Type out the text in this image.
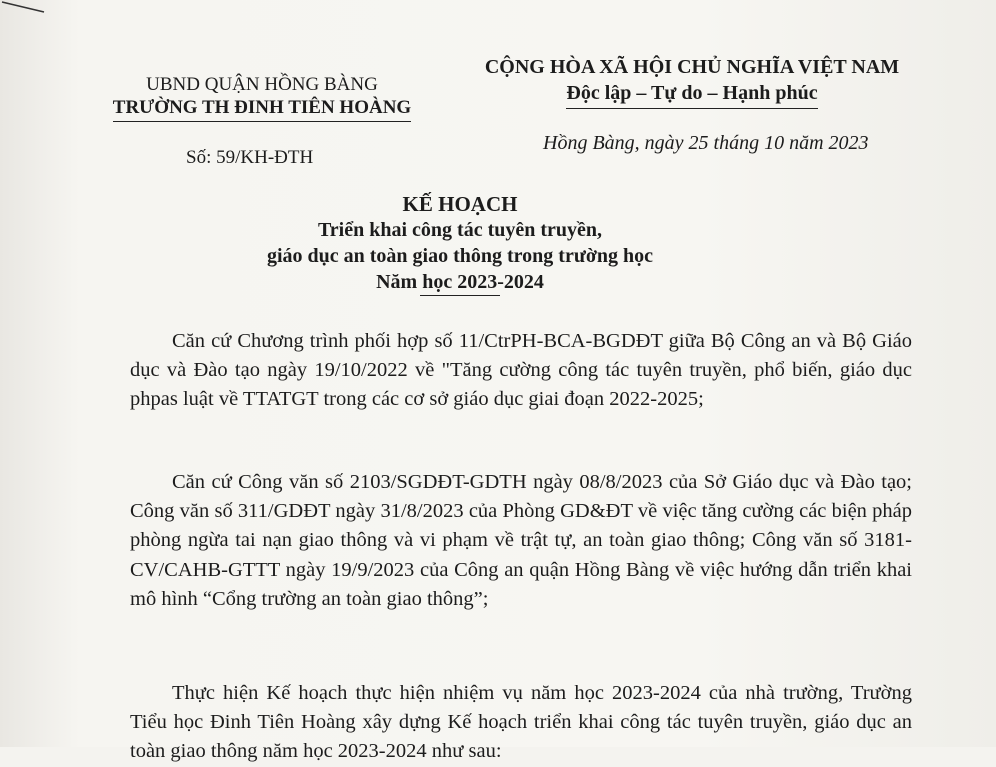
UBND QUẬN HỒNG BÀNG
TRƯỜNG TH ĐINH TIÊN HOÀNG
CỘNG HÒA XÃ HỘI CHỦ NGHĨA VIỆT NAM
Độc lập – Tự do – Hạnh phúc
Hồng Bàng, ngày 25 tháng 10 năm 2023
Số: 59/KH-ĐTH
KẾ HOẠCH
Triển khai công tác tuyên truyền,
giáo dục an toàn giao thông trong trường học
Năm học 2023-2024

Căn cứ Chương trình phối hợp số 11/CtrPH-BCA-BGDĐT giữa Bộ Công an và Bộ Giáo dục và Đào tạo ngày 19/10/2022 về "Tăng cường công tác tuyên truyền, phổ biến, giáo dục phpas luật về TTATGT trong các cơ sở giáo dục giai đoạn 2022-2025;

Căn cứ Công văn số 2103/SGDĐT-GDTH ngày 08/8/2023 của Sở Giáo dục và Đào tạo; Công văn số 311/GDĐT ngày 31/8/2023 của Phòng GD&ĐT về việc tăng cường các biện pháp phòng ngừa tai nạn giao thông và vi phạm về trật tự, an toàn giao thông; Công văn số 3181-CV/CAHB-GTTT ngày 19/9/2023 của Công an quận Hồng Bàng về việc hướng dẫn triển khai mô hình “Cổng trường an toàn giao thông”;

Thực hiện Kế hoạch thực hiện nhiệm vụ năm học 2023-2024 của nhà trường, Trường Tiểu học Đinh Tiên Hoàng xây dựng Kế hoạch triển khai công tác tuyên truyền, giáo dục an toàn giao thông năm học 2023-2024 như sau:
